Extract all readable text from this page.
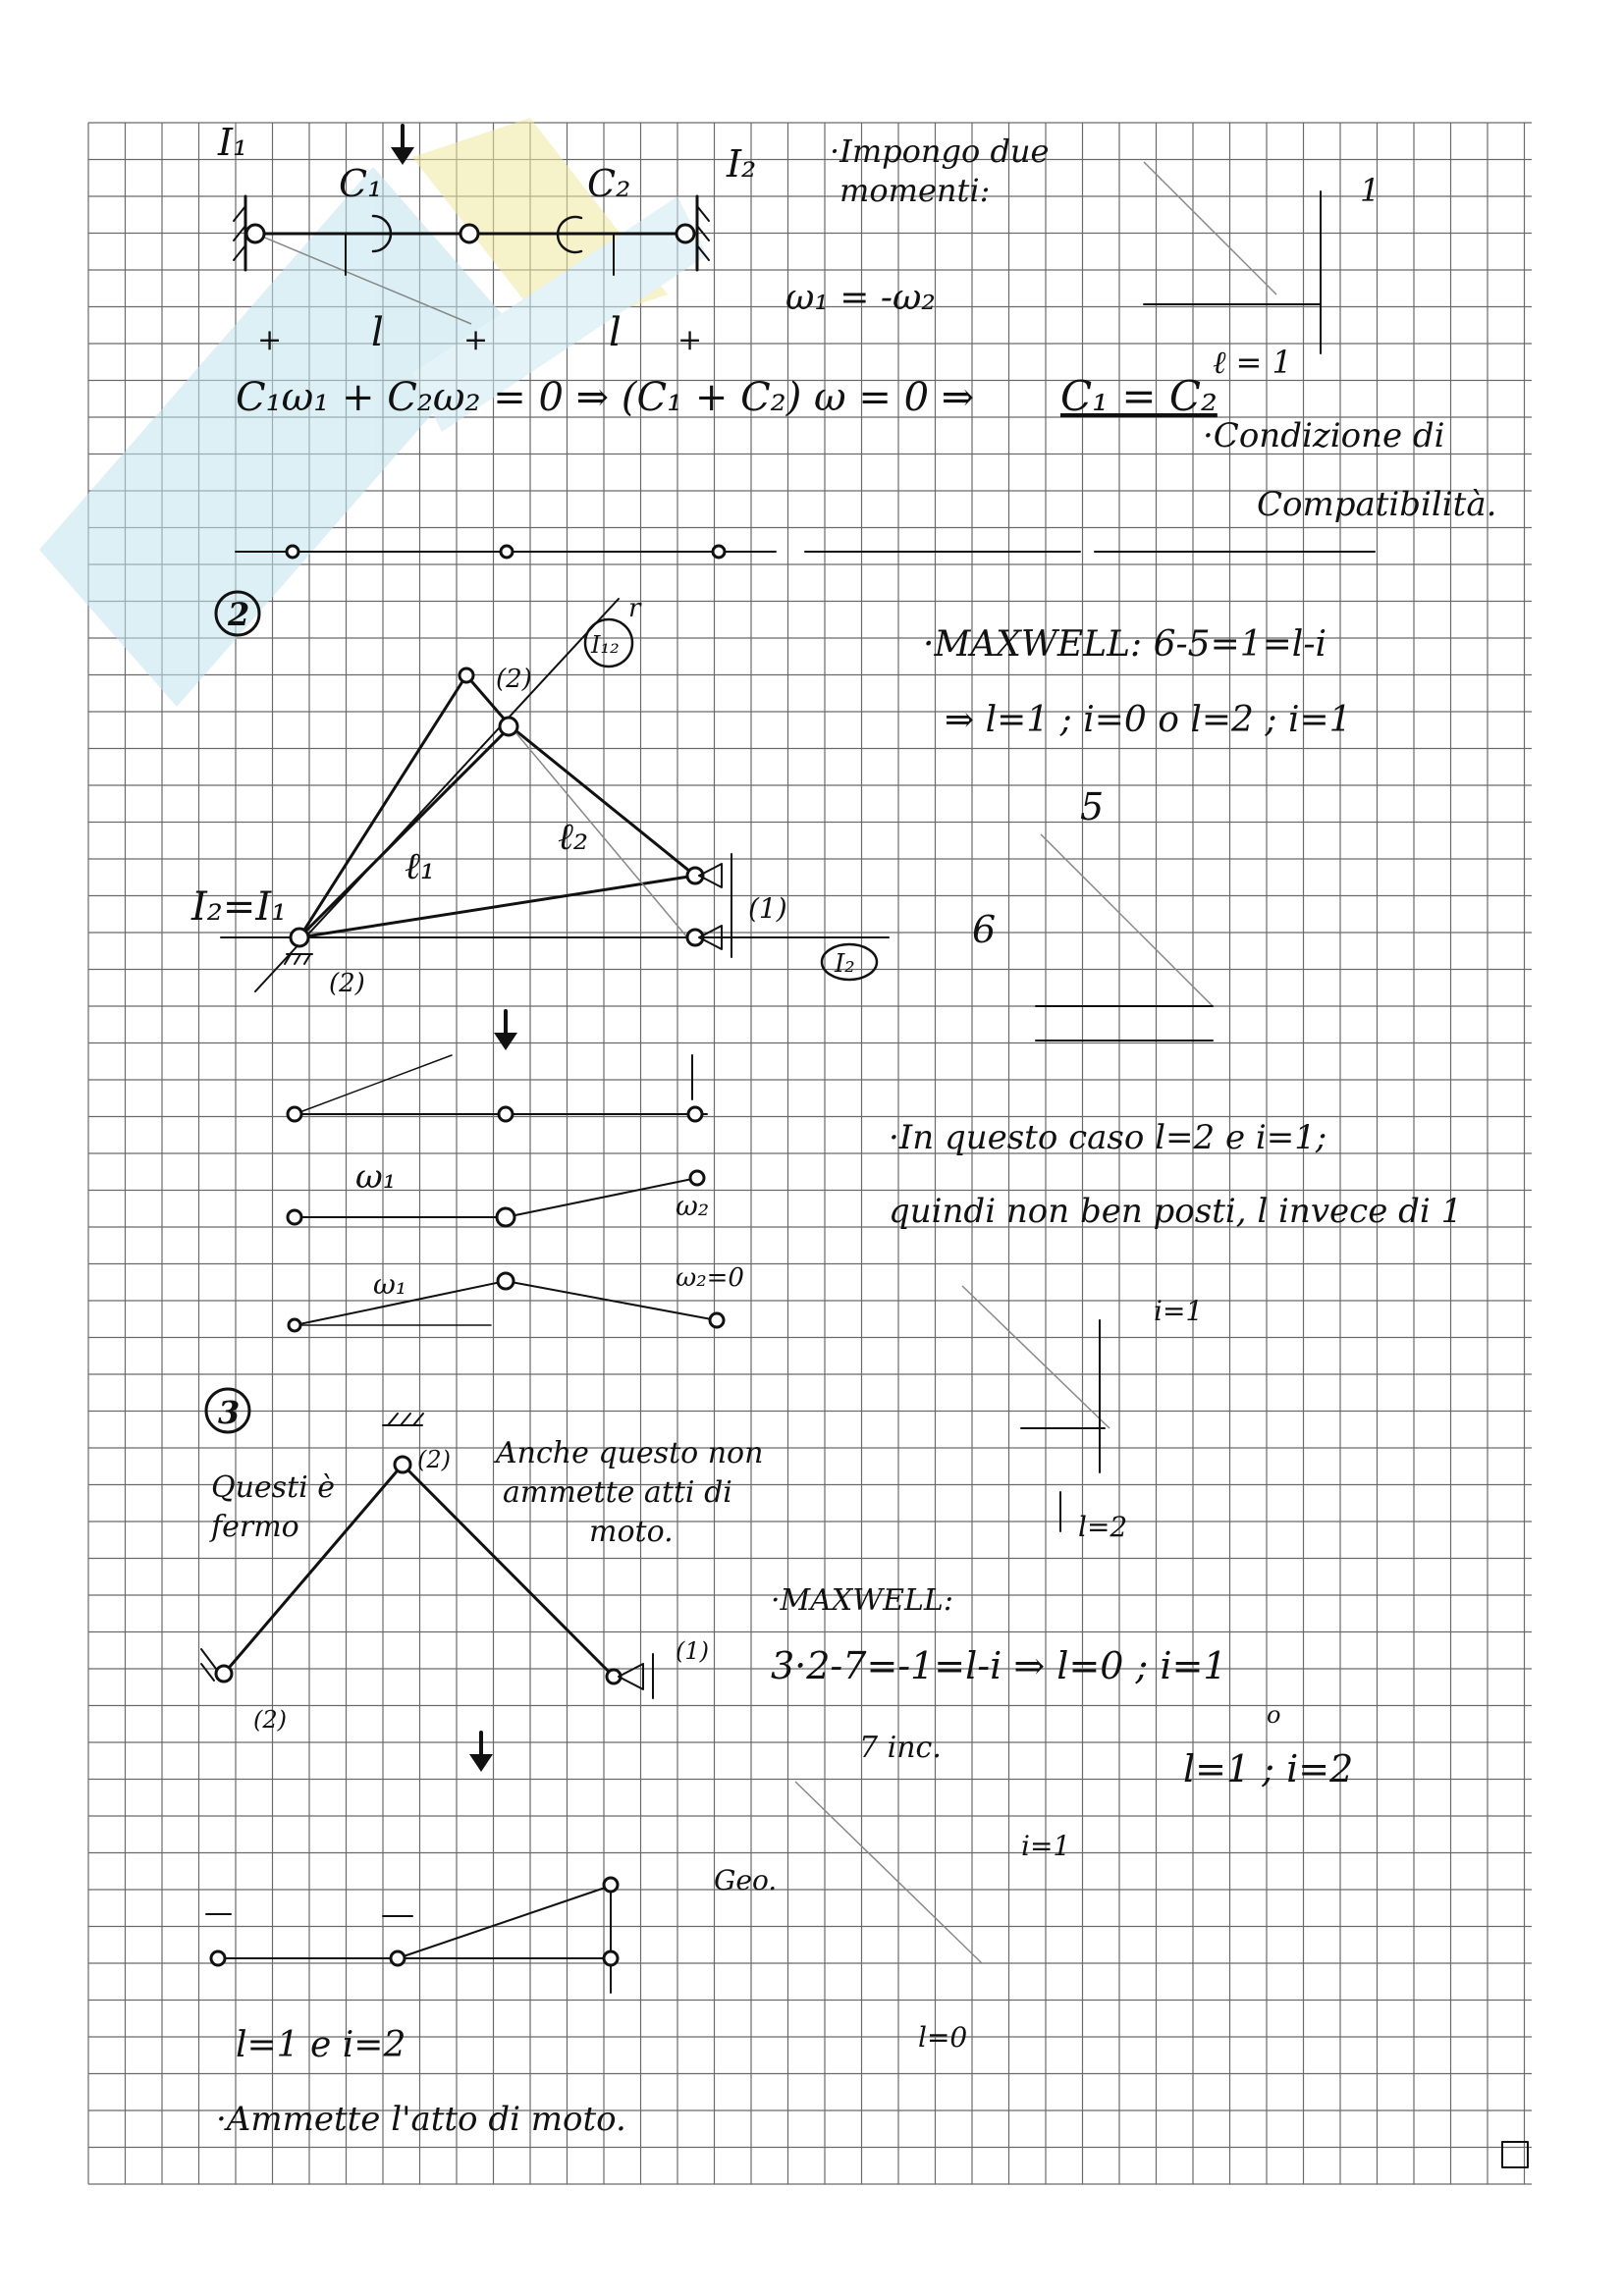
+	+	+
I₁
C₁	C₂	I₂
l	l
·Impongo due
momenti:
ω₁ = -ω₂
C₁ω₁ + C₂ω₂ = 0 ⇒ (C₁ + C₂) ω = 0 ⇒ C₁ = C₂
·Condizione di
Compatibilità.
1
ℓ = 1
2
·MAXWELL: 6-5=1=l-i
⇒ l=1 ; i=0 o l=2 ; i=1
ℓ₁
ℓ₂
I₂=I₁	(1)
(2)
(2)
r
I₁₂
I₂
5
6
ω₁
ω₂
ω₁	ω₂=0
·In questo caso l=2 e i=1;
quindi non ben posti, l invece di 1
i=1
l=2
3
Questi è
fermo
Anche questo non
ammette atti di
moto.
(2)
(1)
(2)
·MAXWELL:
3·2-7=-1=l-i ⇒ l=0 ; i=1
o
l=1 ; i=2
7 inc.
i=1
l=0
Geo.
l=1 e i=2
·Ammette l'atto di moto.
